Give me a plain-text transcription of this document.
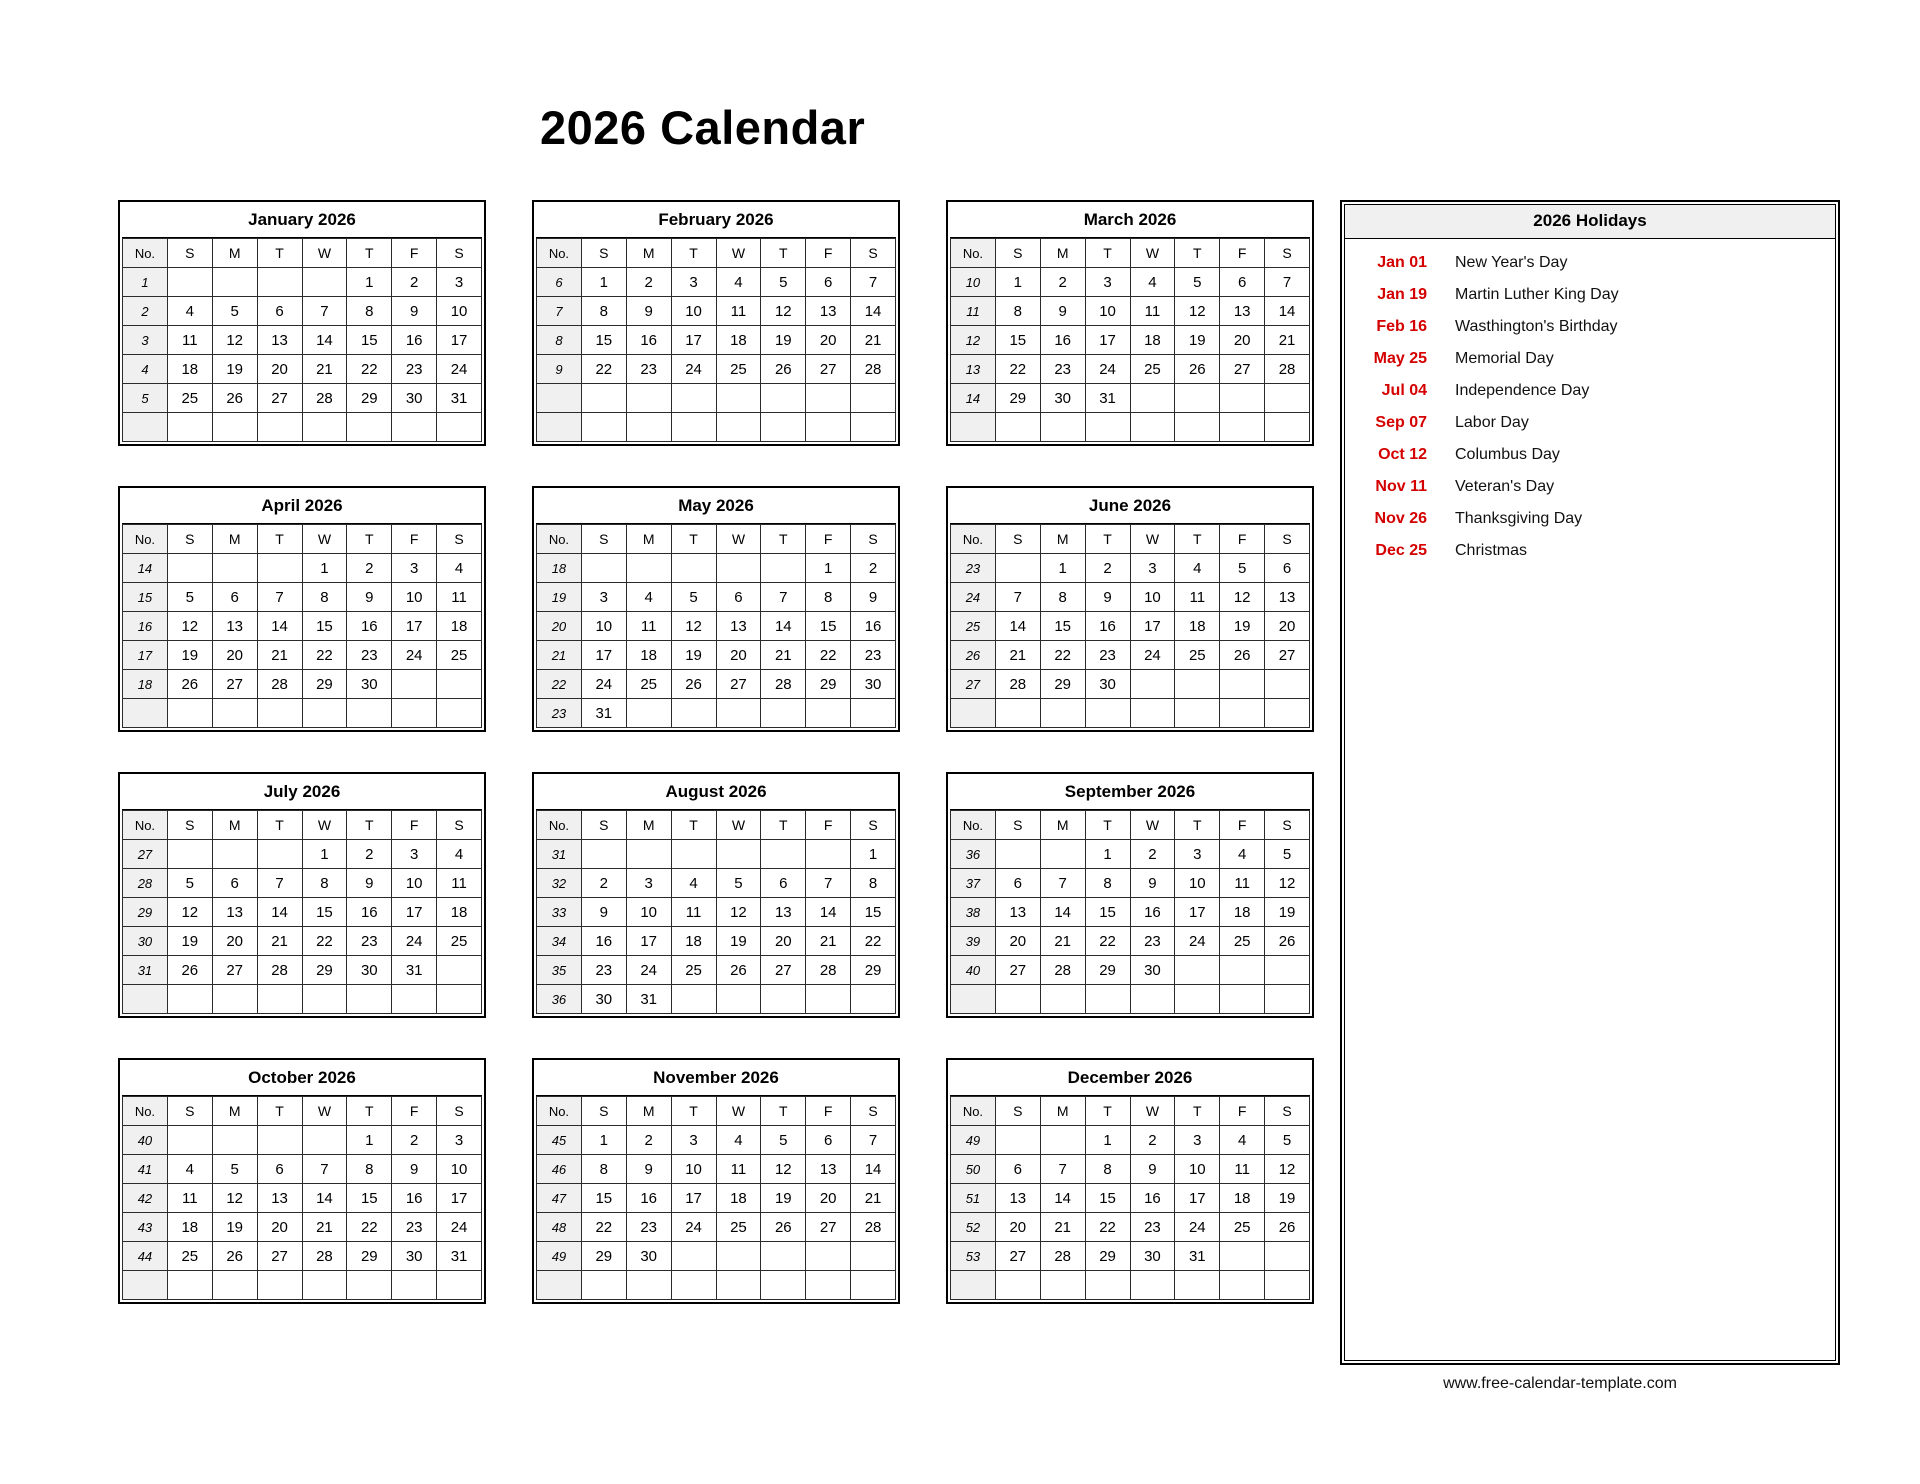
2026 Calendar
January 2026
No.	S	M	T	W	T	F	S
1					1	2	3
2	4	5	6	7	8	9	10
3	11	12	13	14	15	16	17
4	18	19	20	21	22	23	24
5	25	26	27	28	29	30	31

February 2026
No.	S	M	T	W	T	F	S
6	1	2	3	4	5	6	7
7	8	9	10	11	12	13	14
8	15	16	17	18	19	20	21
9	22	23	24	25	26	27	28

March 2026
No.	S	M	T	W	T	F	S
10	1	2	3	4	5	6	7
11	8	9	10	11	12	13	14
12	15	16	17	18	19	20	21
13	22	23	24	25	26	27	28
14	29	30	31				

April 2026
No.	S	M	T	W	T	F	S
14				1	2	3	4
15	5	6	7	8	9	10	11
16	12	13	14	15	16	17	18
17	19	20	21	22	23	24	25
18	26	27	28	29	30		

May 2026
No.	S	M	T	W	T	F	S
18						1	2
19	3	4	5	6	7	8	9
20	10	11	12	13	14	15	16
21	17	18	19	20	21	22	23
22	24	25	26	27	28	29	30
23	31						
June 2026
No.	S	M	T	W	T	F	S
23		1	2	3	4	5	6
24	7	8	9	10	11	12	13
25	14	15	16	17	18	19	20
26	21	22	23	24	25	26	27
27	28	29	30				

July 2026
No.	S	M	T	W	T	F	S
27				1	2	3	4
28	5	6	7	8	9	10	11
29	12	13	14	15	16	17	18
30	19	20	21	22	23	24	25
31	26	27	28	29	30	31	

August 2026
No.	S	M	T	W	T	F	S
31							1
32	2	3	4	5	6	7	8
33	9	10	11	12	13	14	15
34	16	17	18	19	20	21	22
35	23	24	25	26	27	28	29
36	30	31					
September 2026
No.	S	M	T	W	T	F	S
36			1	2	3	4	5
37	6	7	8	9	10	11	12
38	13	14	15	16	17	18	19
39	20	21	22	23	24	25	26
40	27	28	29	30			

October 2026
No.	S	M	T	W	T	F	S
40					1	2	3
41	4	5	6	7	8	9	10
42	11	12	13	14	15	16	17
43	18	19	20	21	22	23	24
44	25	26	27	28	29	30	31

November 2026
No.	S	M	T	W	T	F	S
45	1	2	3	4	5	6	7
46	8	9	10	11	12	13	14
47	15	16	17	18	19	20	21
48	22	23	24	25	26	27	28
49	29	30					

December 2026
No.	S	M	T	W	T	F	S
49			1	2	3	4	5
50	6	7	8	9	10	11	12
51	13	14	15	16	17	18	19
52	20	21	22	23	24	25	26
53	27	28	29	30	31		

2026 Holidays
Jan 01	New Year's Day
Jan 19	Martin Luther King Day
Feb 16	Wasthington's Birthday
May 25	Memorial Day
Jul 04	Independence Day
Sep 07	Labor Day
Oct 12	Columbus Day
Nov 11	Veteran's Day
Nov 26	Thanksgiving Day
Dec 25	Christmas
www.free-calendar-template.com
